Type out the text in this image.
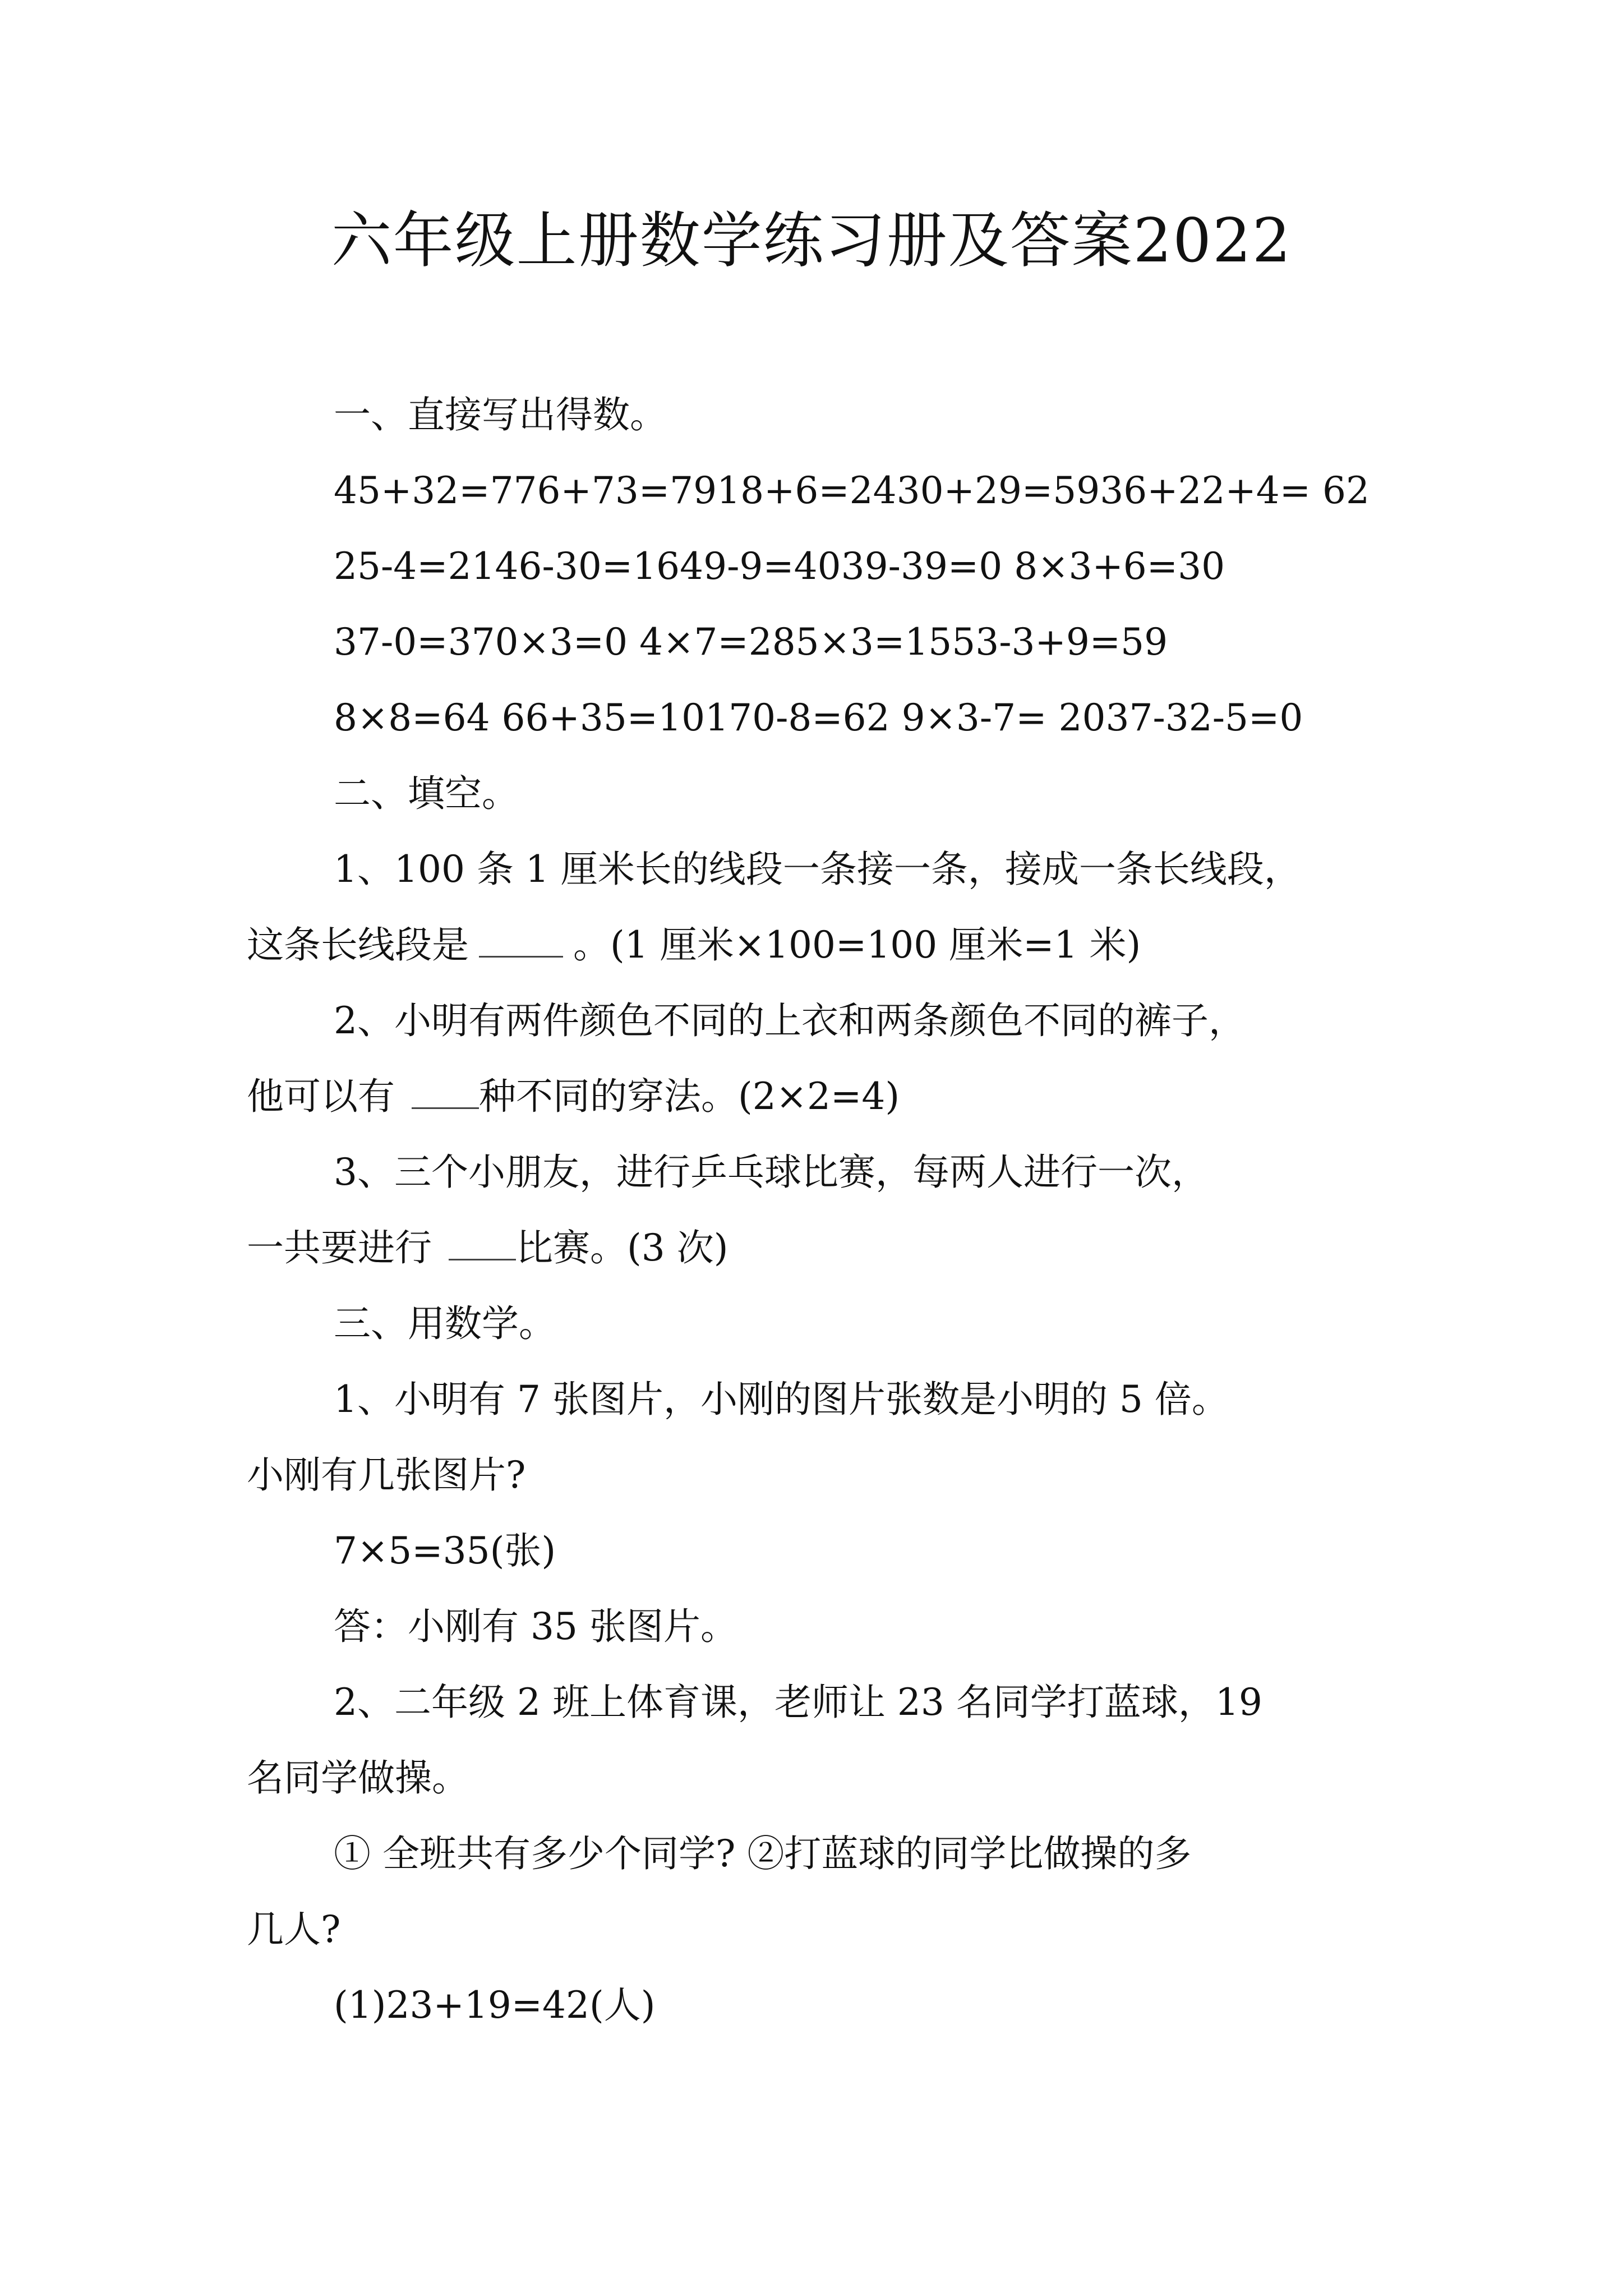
六年级上册数学练习册及答案2022
一、直接写出得数。
45+32=776+73=7918+6=2430+29=5936+22+4= 62
25-4=2146-30=1649-9=4039-39=0 8×3+6=30
37-0=370×3=0 4×7=285×3=1553-3+9=59
8×8=64 66+35=10170-8=62 9×3-7= 2037-32-5=0
二、填空。
1、100 条 1 厘米长的线段一条接一条，接成一条长线段，
这条长线段是	。(1 厘米×100=100 厘米=1 米)
2、小明有两件颜色不同的上衣和两条颜色不同的裤子，
他可以有 种不同的穿法。(2×2=4)
3、三个小朋友，进行乒乓球比赛，每两人进行一次，
一共要进行 比赛。(3 次)
三、用数学。
1、小明有 7 张图片，小刚的图片张数是小明的 5 倍。
小刚有几张图片?
7×5=35(张)
答：小刚有 35 张图片。
2、二年级 2 班上体育课，老师让 23 名同学打蓝球，19
名同学做操。
① 全班共有多少个同学? ②打蓝球的同学比做操的多
几人?
(1)23+19=42(人)
